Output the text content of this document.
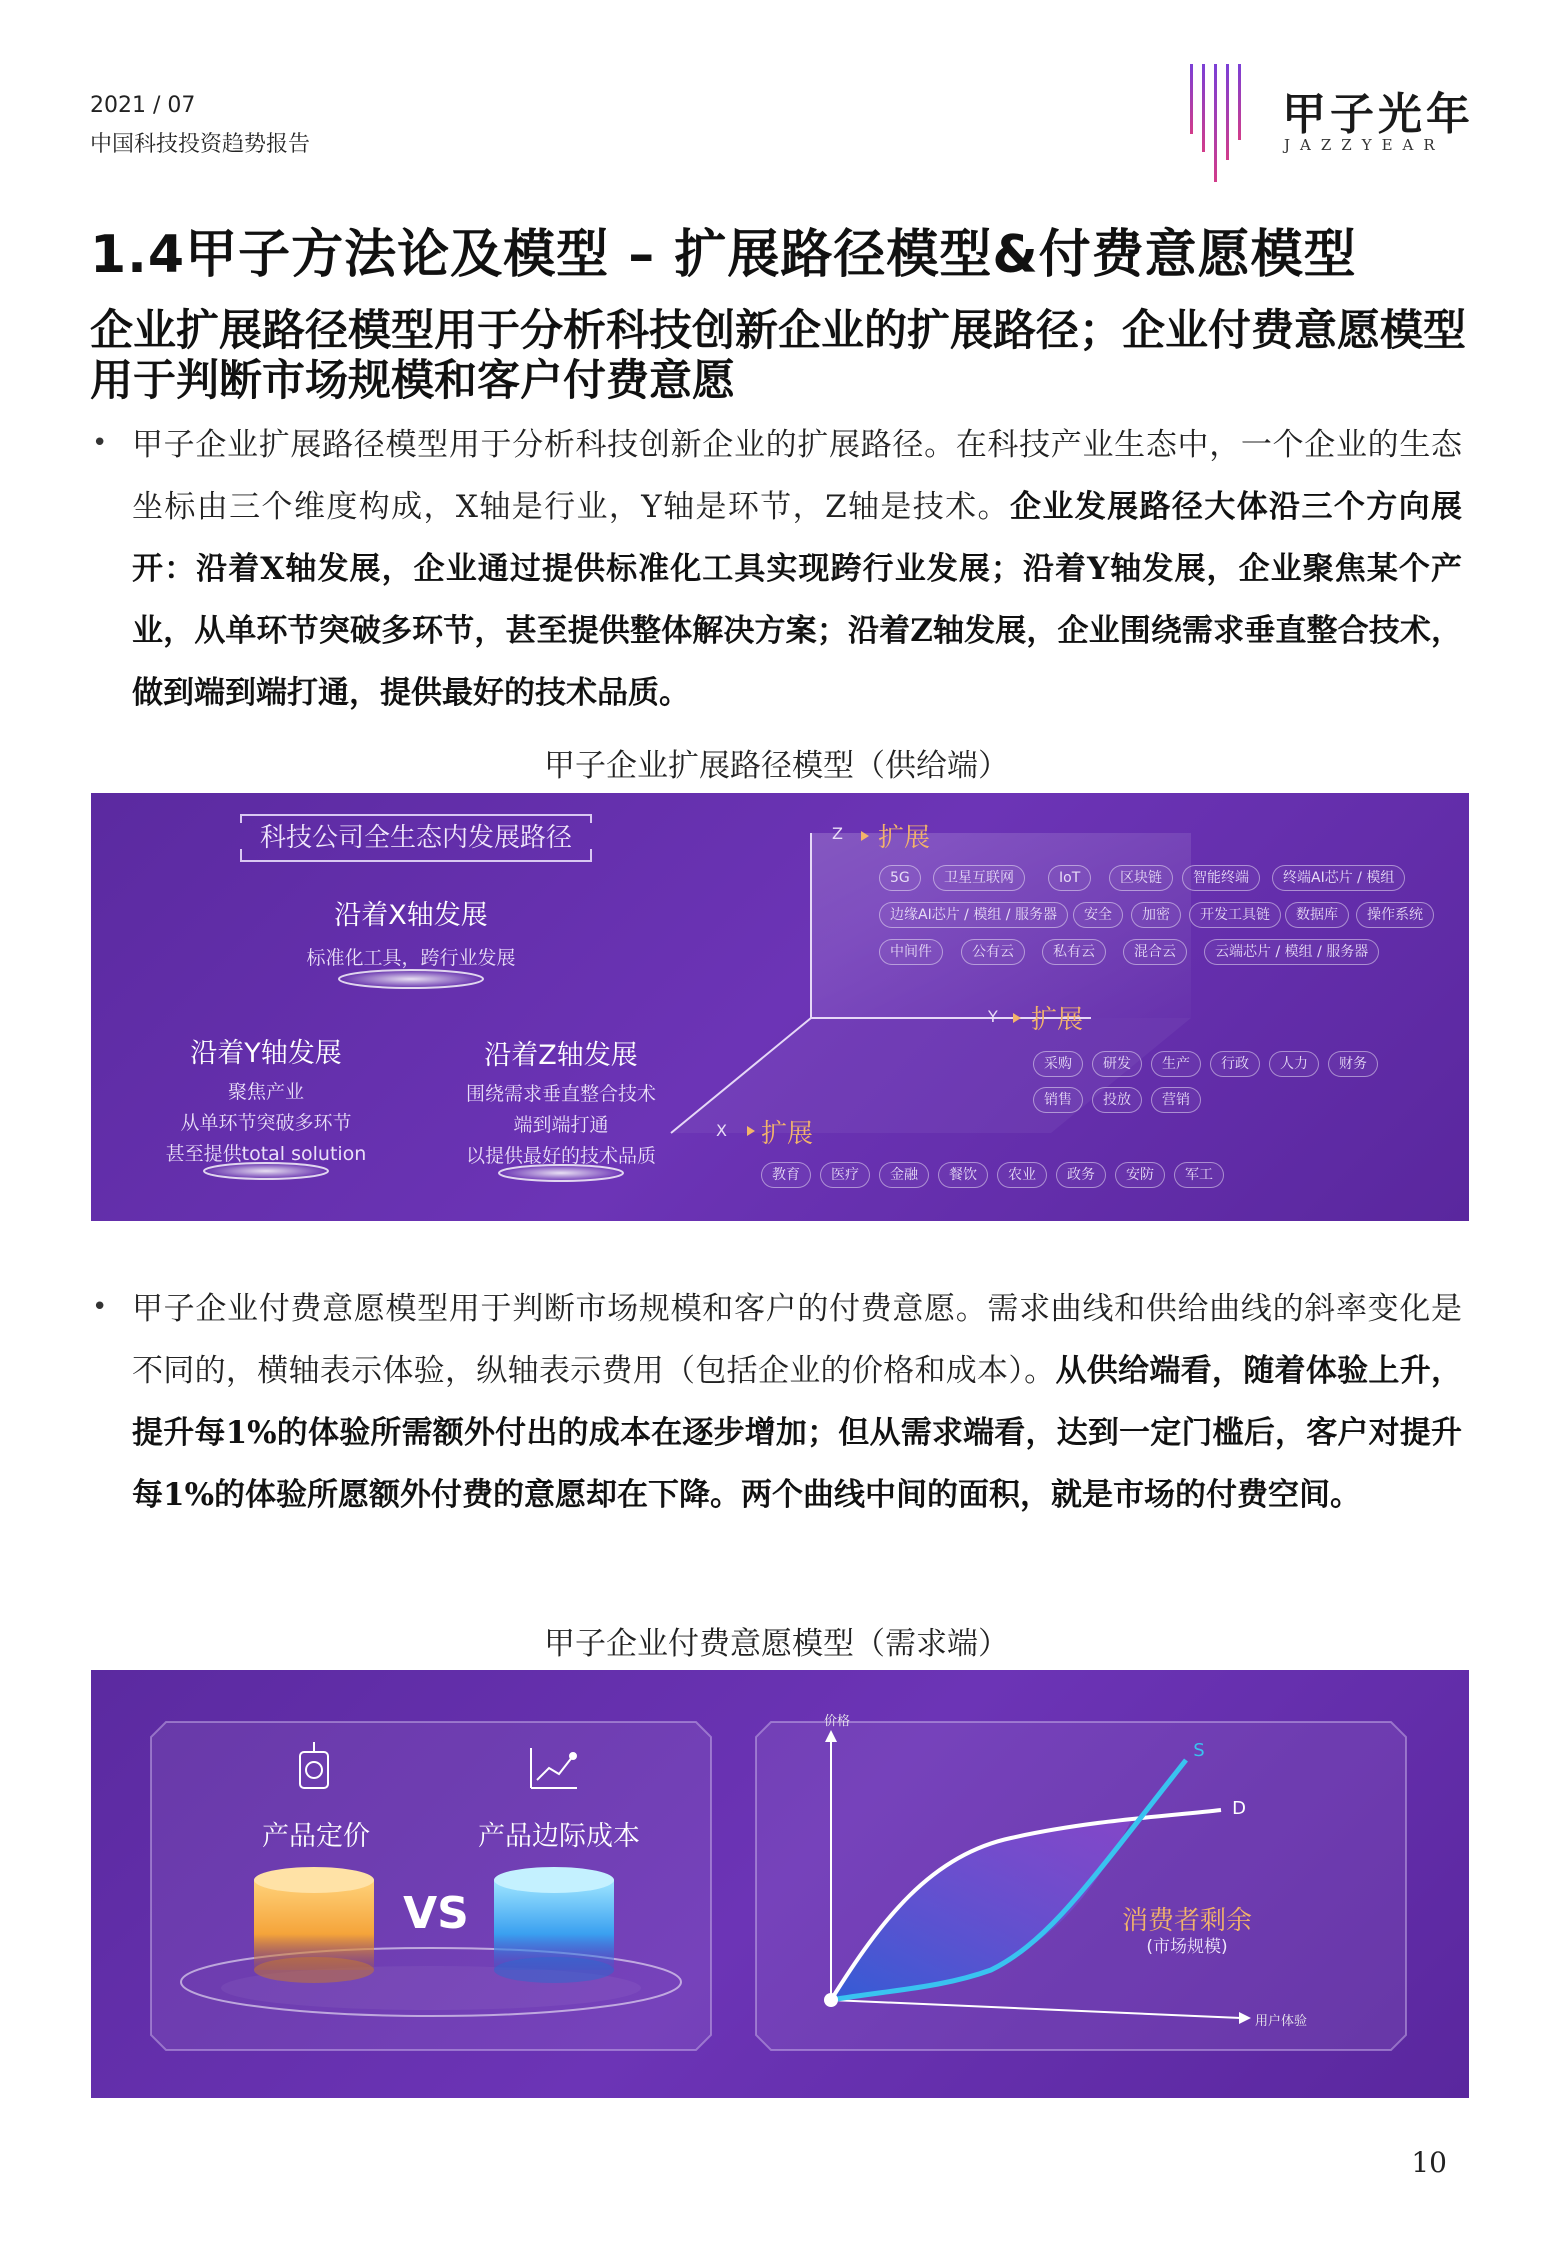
2021 / 07
中国科技投资趋势报告
甲子光年
JAZZYEAR
1.4甲子方法论及模型 – 扩展路径模型&付费意愿模型
企业扩展路径模型用于分析科技创新企业的扩展路径；企业付费意愿模型用于判断市场规模和客户付费意愿
• 甲子企业扩展路径模型用于分析科技创新企业的扩展路径。在科技产业生态中，一个企业的生态坐标由三个维度构成，X轴是行业，Y轴是环节，Z轴是技术。企业发展路径大体沿三个方向展开：沿着X轴发展，企业通过提供标准化工具实现跨行业发展；沿着Y轴发展，企业聚焦某个产业，从单环节突破多环节，甚至提供整体解决方案；沿着Z轴发展，企业围绕需求垂直整合技术，做到端到端打通，提供最好的技术品质。
甲子企业扩展路径模型（供给端）
科技公司全生态内发展路径
沿着X轴发展
标准化工具，跨行业发展
沿着Y轴发展
聚焦产业
从单环节突破多环节
甚至提供total solution
沿着Z轴发展
围绕需求垂直整合技术
端到端打通
以提供最好的技术品质
Z 扩展
Y 扩展
X 扩展
5G	卫星互联网	IoT	区块链	智能终端	终端AI芯片 / 模组
边缘AI芯片 / 模组 / 服务器	安全	加密	开发工具链	数据库	操作系统
中间件	公有云	私有云	混合云	云端芯片 / 模组 / 服务器
采购	研发	生产	行政	人力	财务
销售	投放	营销
教育	医疗	金融	餐饮	农业	政务	安防	军工
• 甲子企业付费意愿模型用于判断市场规模和客户的付费意愿。需求曲线和供给曲线的斜率变化是不同的，横轴表示体验，纵轴表示费用（包括企业的价格和成本）。从供给端看，随着体验上升，提升每1%的体验所需额外付出的成本在逐步增加；但从需求端看，达到一定门槛后，客户对提升每1%的体验所愿额外付费的意愿却在下降。两个曲线中间的面积，就是市场的付费空间。
甲子企业付费意愿模型（需求端）
产品定价	产品边际成本
VS
价格
用户体验
S
D
消费者剩余
(市场规模)
10
